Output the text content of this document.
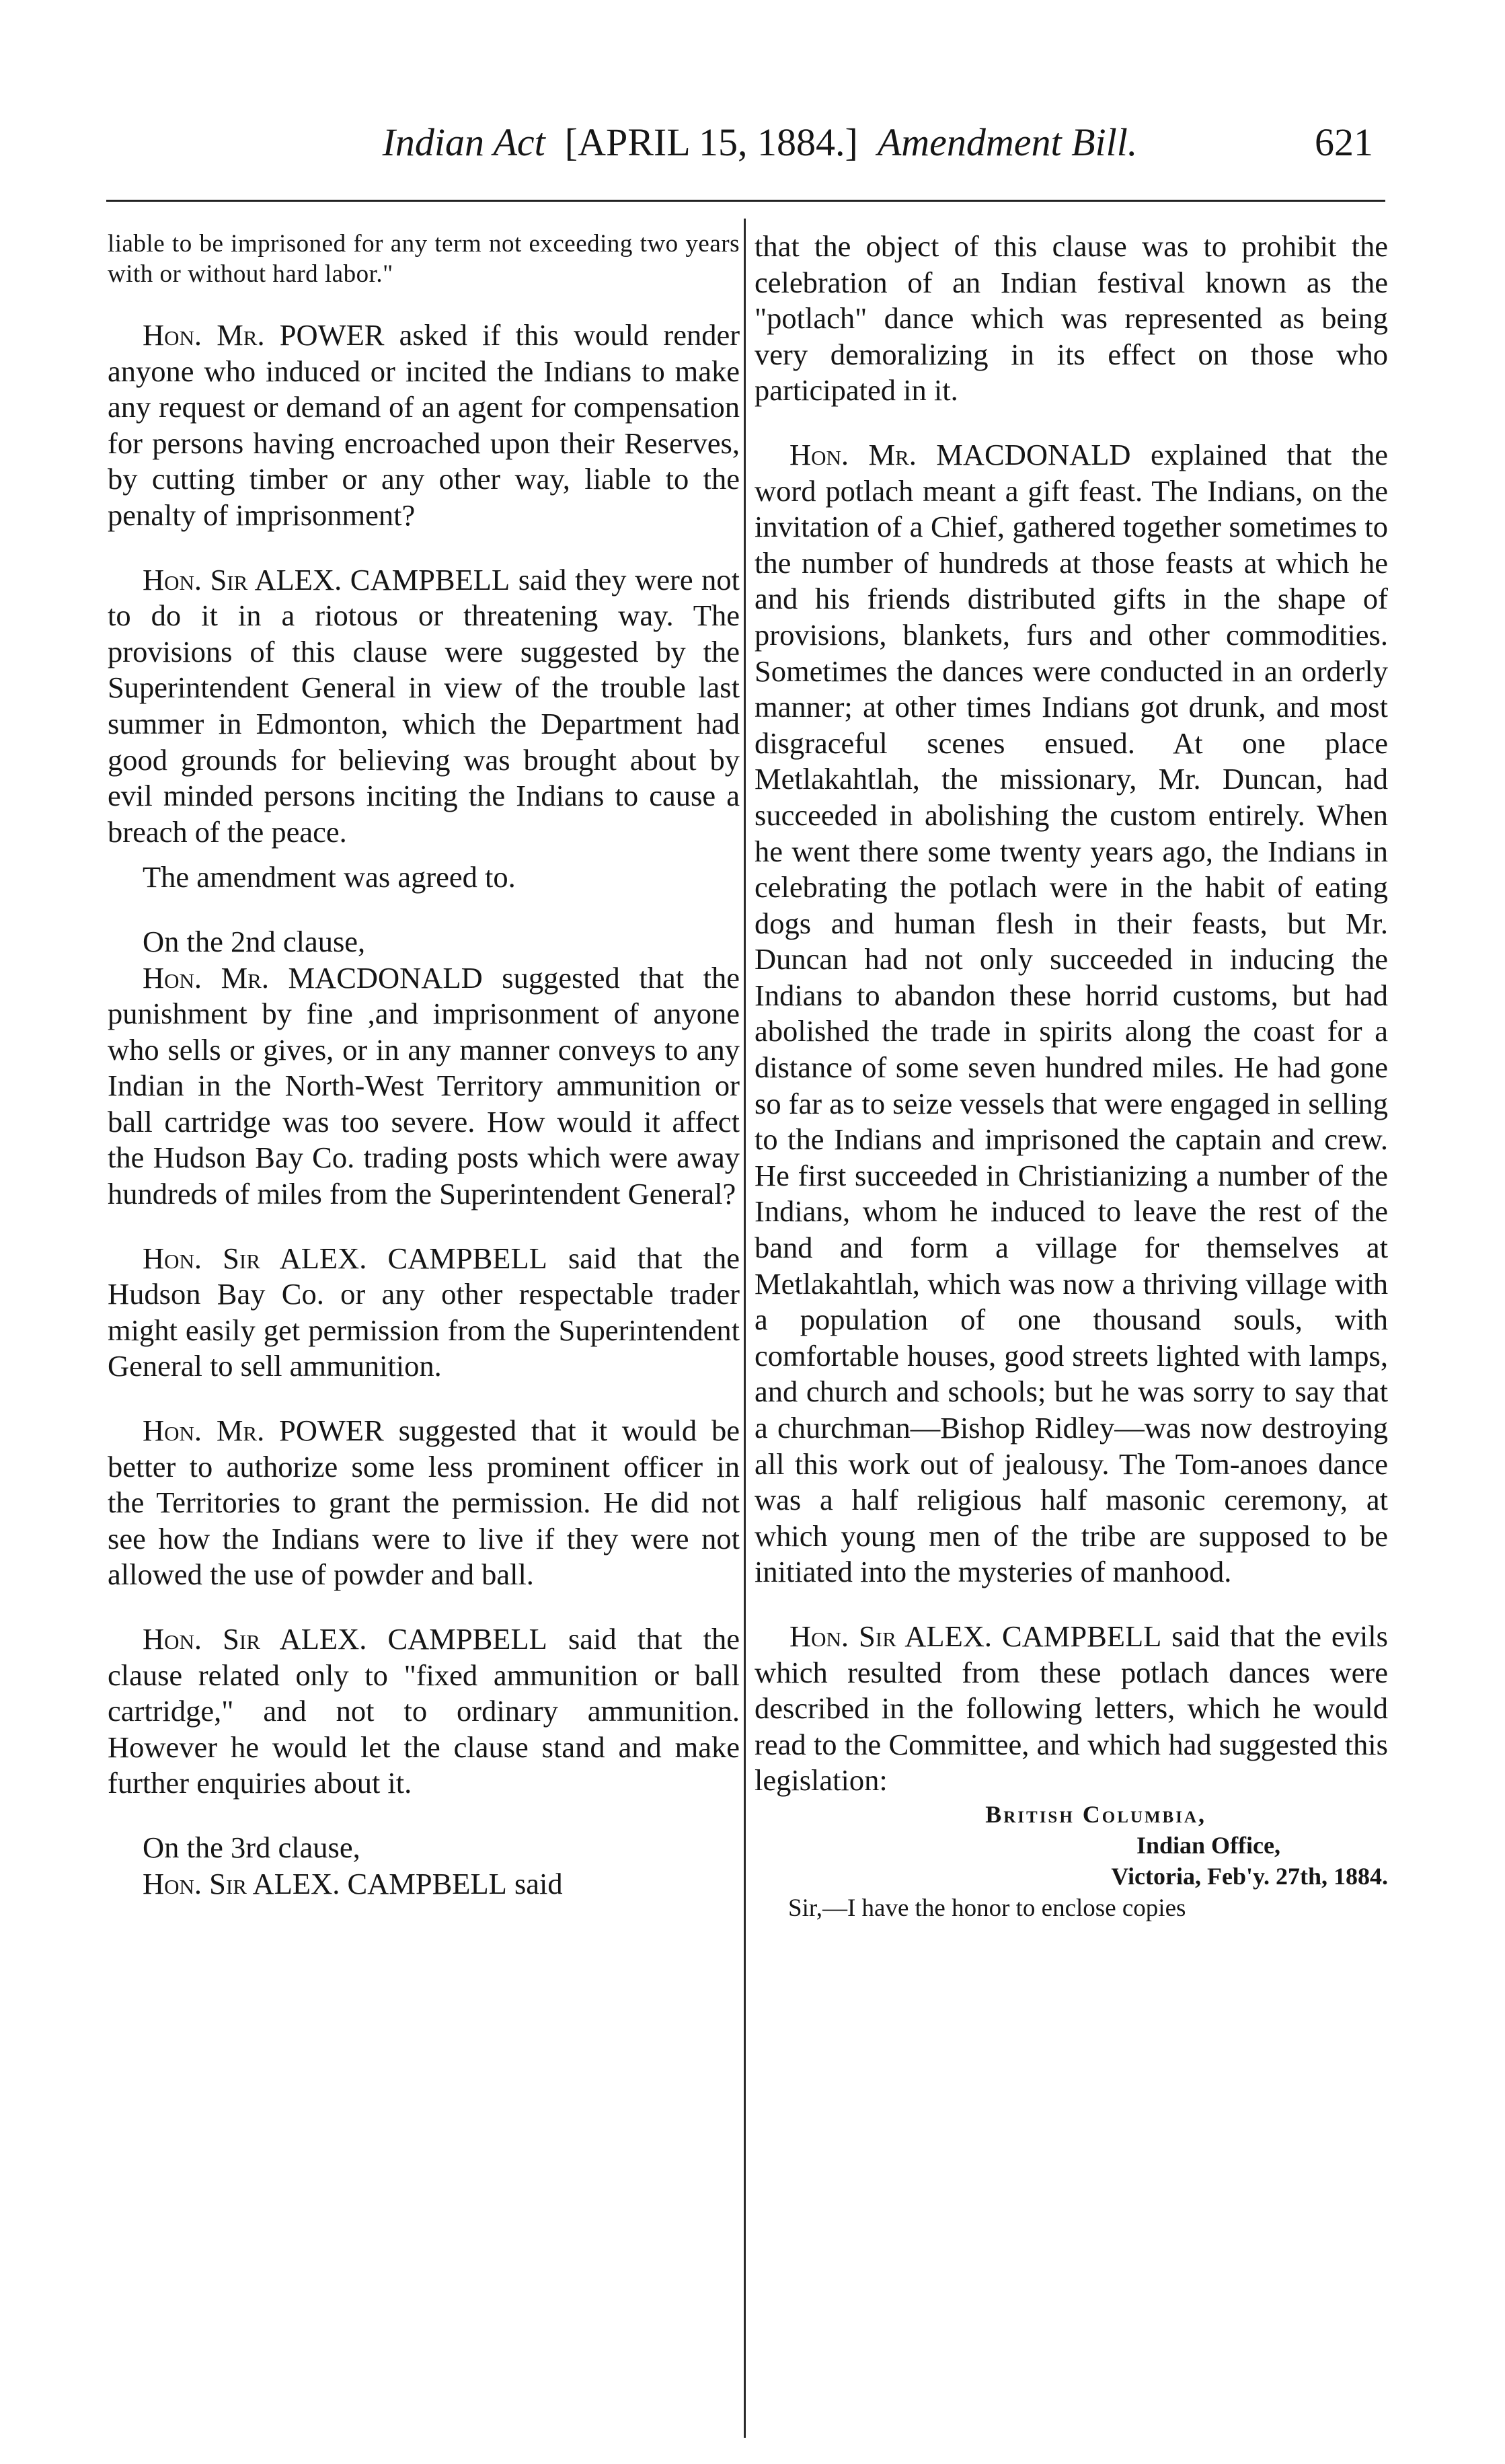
Indian Act [APRIL 15, 1884.] Amendment Bill.	621

liable to be imprisoned for any term not exceeding two years with or without hard labor."

Hon. Mr. POWER asked if this would render anyone who induced or incited the Indians to make any request or demand of an agent for compensation for persons having encroached upon their Reserves, by cutting timber or any other way, liable to the penalty of imprisonment?

Hon. Sir ALEX. CAMPBELL said they were not to do it in a riotous or threatening way. The provisions of this clause were suggested by the Superintendent General in view of the trouble last summer in Edmonton, which the Department had good grounds for believing was brought about by evil minded persons inciting the Indians to cause a breach of the peace.

The amendment was agreed to.

On the 2nd clause,

Hon. Mr. MACDONALD suggested that the punishment by fine ,and imprisonment of anyone who sells or gives, or in any manner conveys to any Indian in the North-West Territory ammunition or ball cartridge was too severe. How would it affect the Hudson Bay Co. trading posts which were away hundreds of miles from the Superintendent General?

Hon. Sir ALEX. CAMPBELL said that the Hudson Bay Co. or any other respectable trader might easily get permission from the Superintendent General to sell ammunition.

Hon. Mr. POWER suggested that it would be better to authorize some less prominent officer in the Territories to grant the permission. He did not see how the Indians were to live if they were not allowed the use of powder and ball.

Hon. Sir ALEX. CAMPBELL said that the clause related only to "fixed ammunition or ball cartridge," and not to ordinary ammunition. However he would let the clause stand and make further enquiries about it.

On the 3rd clause,

Hon. Sir ALEX. CAMPBELL said

that the object of this clause was to prohibit the celebration of an Indian festival known as the "potlach" dance which was represented as being very demoralizing in its effect on those who participated in it.

Hon. Mr. MACDONALD explained that the word potlach meant a gift feast. The Indians, on the invitation of a Chief, gathered together sometimes to the number of hundreds at those feasts at which he and his friends distributed gifts in the shape of provisions, blankets, furs and other commodities. Sometimes the dances were conducted in an orderly manner; at other times Indians got drunk, and most disgraceful scenes ensued. At one place Metlakahtlah, the missionary, Mr. Duncan, had succeeded in abolishing the custom entirely. When he went there some twenty years ago, the Indians in celebrating the potlach were in the habit of eating dogs and human flesh in their feasts, but Mr. Duncan had not only succeeded in inducing the Indians to abandon these horrid customs, but had abolished the trade in spirits along the coast for a distance of some seven hundred miles. He had gone so far as to seize vessels that were engaged in selling to the Indians and imprisoned the captain and crew. He first succeeded in Christianizing a number of the Indians, whom he induced to leave the rest of the band and form a village for themselves at Metlakahtlah, which was now a thriving village with a population of one thousand souls, with comfortable houses, good streets lighted with lamps, and church and schools; but he was sorry to say that a churchman—Bishop Ridley—was now destroying all this work out of jealousy. The Tom-anoes dance was a half religious half masonic ceremony, at which young men of the tribe are supposed to be initiated into the mysteries of manhood.

Hon. Sir ALEX. CAMPBELL said that the evils which resulted from these potlach dances were described in the following letters, which he would read to the Committee, and which had suggested this legislation:

British Columbia,
Indian Office,
Victoria, Feb'y. 27th, 1884.

Sir,—I have the honor to enclose copies
